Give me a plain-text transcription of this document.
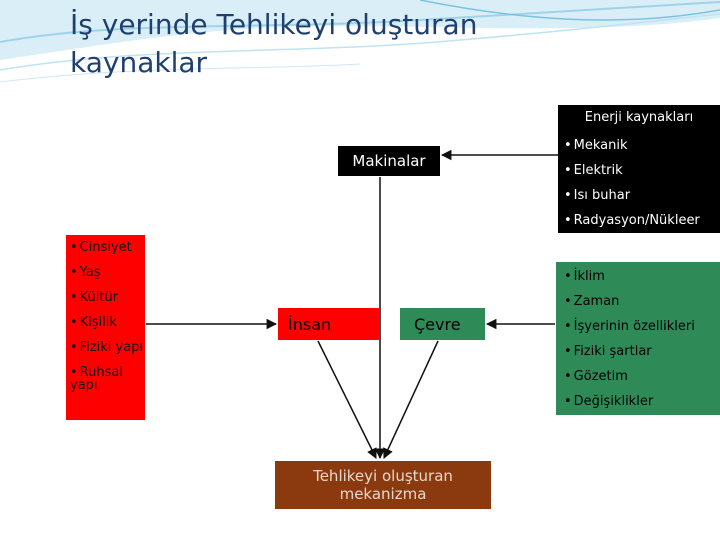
İş yerinde Tehlikeyi oluşturan
kaynaklar
Enerji kaynakları
• Mekanik
• Elektrik
• Isı buhar
• Radyasyon/Nükleer
Makinalar
• Cinsiyet
• Yaş
• Kültür
• Kişilik
• Fiziki yapı
• Ruhsal yapı
İnsan	Çevre
• İklim
• Zaman
• İşyerinin özellikleri
• Fiziki şartlar
• Gözetim
• Değişiklikler
Tehlikeyi oluşturan mekanizma
